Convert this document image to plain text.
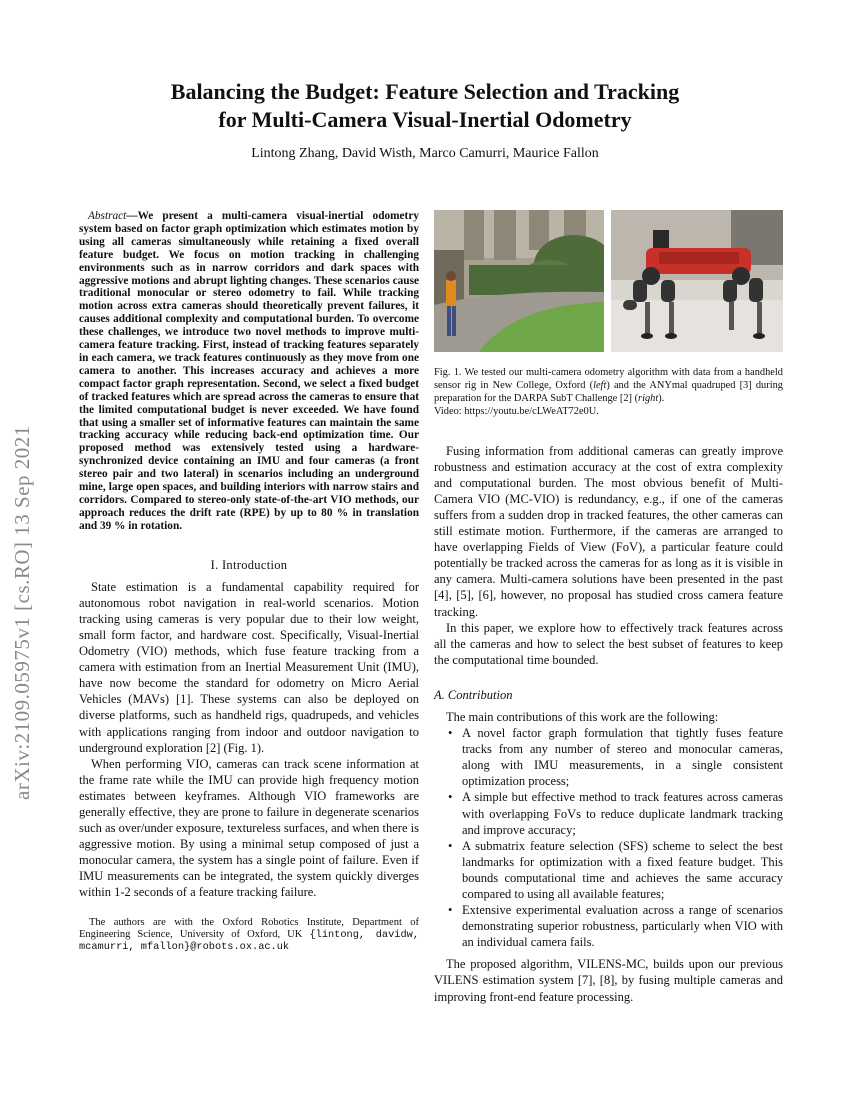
arXiv:2109.05975v1 [cs.RO] 13 Sep 2021
Balancing the Budget: Feature Selection and Tracking
for Multi-Camera Visual-Inertial Odometry
Lintong Zhang, David Wisth, Marco Camurri, Maurice Fallon

Abstract—We present a multi-camera visual-inertial odometry system based on factor graph optimization which estimates motion by using all cameras simultaneously while retaining a fixed overall feature budget. We focus on motion tracking in challenging environments such as in narrow corridors and dark spaces with aggressive motions and abrupt lighting changes. These scenarios cause traditional monocular or stereo odometry to fail. While tracking motion across extra cameras should theoretically prevent failures, it causes additional complexity and computational burden. To overcome these challenges, we introduce two novel methods to improve multi-camera feature tracking. First, instead of tracking features separately in each camera, we track features continuously as they move from one camera to another. This increases accuracy and achieves a more compact factor graph representation. Second, we select a fixed budget of tracked features which are spread across the cameras to ensure that the limited computational budget is never exceeded. We have found that using a smaller set of informative features can maintain the same tracking accuracy while reducing back-end optimization time. Our proposed method was extensively tested using a hardware-synchronized device containing an IMU and four cameras (a front stereo pair and two lateral) in scenarios including an underground mine, large open spaces, and building interiors with narrow stairs and corridors. Compared to stereo-only state-of-the-art VIO methods, our approach reduces the drift rate (RPE) by up to 80 % in translation and 39 % in rotation.

I. Introduction

State estimation is a fundamental capability required for autonomous robot navigation in real-world scenarios. Motion tracking using cameras is very popular due to their low weight, small form factor, and hardware cost. Specifically, Visual-Inertial Odometry (VIO) methods, which fuse feature tracking from a camera with estimation from an Inertial Measurement Unit (IMU), have now become the standard for odometry on Micro Aerial Vehicles (MAVs) [1]. These systems can also be deployed on diverse platforms, such as handheld rigs, quadrupeds, and vehicles with applications ranging from indoor and outdoor navigation to underground exploration [2] (Fig. 1).

When performing VIO, cameras can track scene information at the frame rate while the IMU can provide high frequency motion estimates between keyframes. Although VIO frameworks are generally effective, they are prone to failure in degenerate scenarios such as over/under exposure, textureless surfaces, and when there is aggressive motion. By using a minimal setup composed of just a monocular camera, the system has a single point of failure. Even if IMU measurements can be integrated, the system quickly diverges within 1-2 seconds of a feature tracking failure.

The authors are with the Oxford Robotics Institute, Department of Engineering Science, University of Oxford, UK {lintong, davidw, mcamurri, mfallon}@robots.ox.ac.uk
Fig. 1. We tested our multi-camera odometry algorithm with data from a handheld sensor rig in New College, Oxford (left) and the ANYmal quadruped [3] during preparation for the DARPA SubT Challenge [2] (right).
Video: https://youtu.be/cLWeAT72e0U.

Fusing information from additional cameras can greatly improve robustness and estimation accuracy at the cost of extra complexity and computational burden. The most obvious benefit of Multi-Camera VIO (MC-VIO) is redundancy, e.g., if one of the cameras suffers from a sudden drop in tracked features, the other cameras can still estimate motion. Furthermore, if the cameras are arranged to have overlapping Fields of View (FoV), a particular feature could potentially be tracked across the cameras for as long as it is visible in any camera. Multi-camera solutions have been presented in the past [4], [5], [6], however, no proposal has studied cross camera feature tracking.

In this paper, we explore how to effectively track features across all the cameras and how to select the best subset of features to keep the computational time bounded.

A. Contribution

The main contributions of this work are the following:

• A novel factor graph formulation that tightly fuses feature tracks from any number of stereo and monocular cameras, along with IMU measurements, in a single consistent optimization process;
• A simple but effective method to track features across cameras with overlapping FoVs to reduce duplicate landmark tracking and improve accuracy;
• A submatrix feature selection (SFS) scheme to select the best landmarks for optimization with a fixed feature budget. This bounds computational time and achieves the same accuracy compared to using all available features;
• Extensive experimental evaluation across a range of scenarios demonstrating superior robustness, particularly when VIO with an individual camera fails.

The proposed algorithm, VILENS-MC, builds upon our previous VILENS estimation system [7], [8], by fusing multiple cameras and improving front-end feature processing.
